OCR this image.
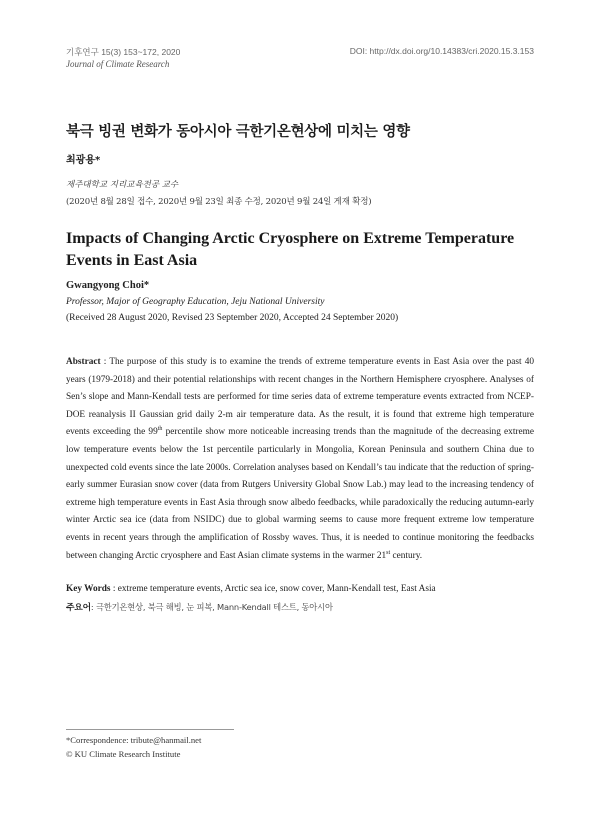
기후연구 15(3) 153~172, 2020
Journal of Climate Research
DOI: http://dx.doi.org/10.14383/cri.2020.15.3.153
북극 빙권 변화가 동아시아 극한기온현상에 미치는 영향
최광용*
제주대학교 지리교육전공 교수
(2020년 8월 28일 접수, 2020년 9월 23일 최종 수정, 2020년 9월 24일 게재 확정)
Impacts of Changing Arctic Cryosphere on Extreme Temperature Events in East Asia
Gwangyong Choi*
Professor, Major of Geography Education, Jeju National University
(Received 28 August 2020, Revised 23 September 2020, Accepted 24 September 2020)
Abstract : The purpose of this study is to examine the trends of extreme temperature events in East Asia over the past 40 years (1979-2018) and their potential relationships with recent changes in the Northern Hemisphere cryosphere. Analyses of Sen’s slope and Mann-Kendall tests are performed for time series data of extreme temperature events extracted from NCEP-DOE reanalysis II Gaussian grid daily 2-m air temperature data. As the result, it is found that extreme high temperature events exceeding the 99th percentile show more noticeable increasing trends than the magnitude of the decreasing extreme low temperature events below the 1st percentile particularly in Mongolia, Korean Peninsula and southern China due to unexpected cold events since the late 2000s. Correlation analyses based on Kendall’s tau indicate that the reduction of spring-early summer Eurasian snow cover (data from Rutgers University Global Snow Lab.) may lead to the increasing tendency of extreme high temperature events in East Asia through snow albedo feedbacks, while paradoxically the reducing autumn-early winter Arctic sea ice (data from NSIDC) due to global warming seems to cause more frequent extreme low temperature events in recent years through the amplification of Rossby waves. Thus, it is needed to continue monitoring the feedbacks between changing Arctic cryosphere and East Asian climate systems in the warmer 21st century.
Key Words : extreme temperature events, Arctic sea ice, snow cover, Mann-Kendall test, East Asia
주요어: 극한기온현상, 북극 해빙, 눈 피복, Mann-Kendall 테스트, 동아시아
*Correspondence: tribute@hanmail.net
© KU Climate Research Institute
